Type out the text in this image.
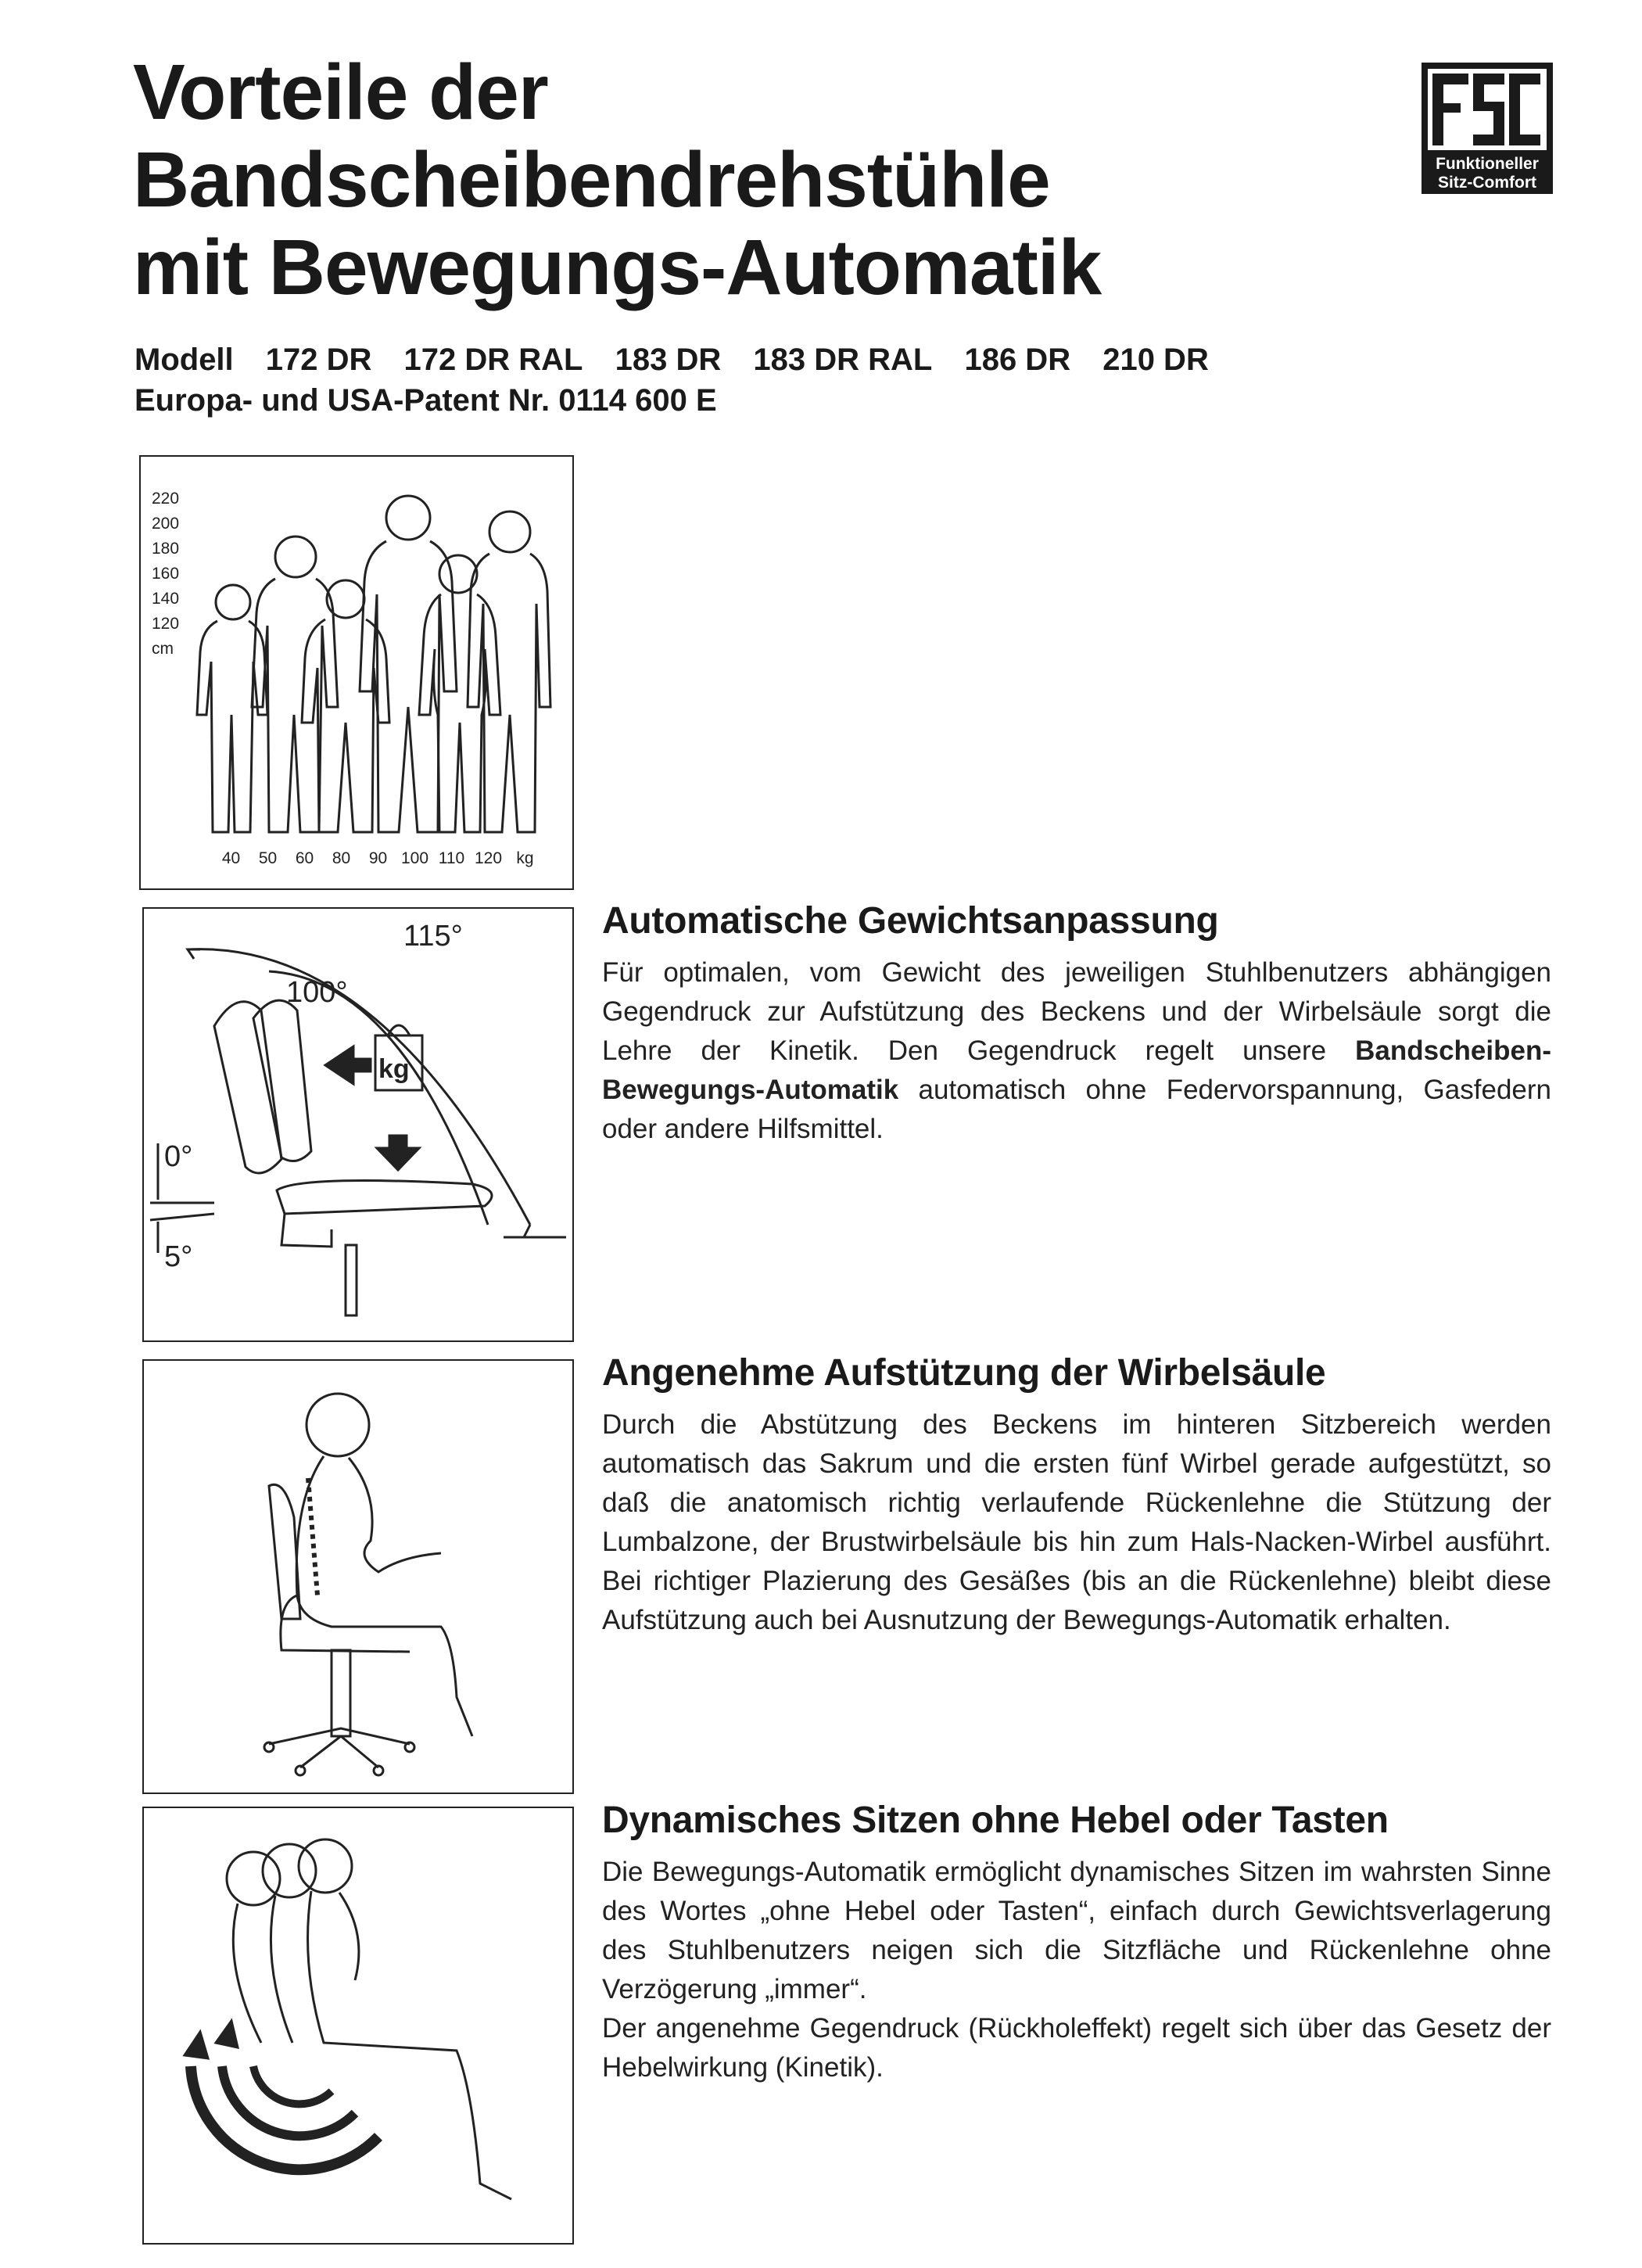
Vorteile der
Bandscheibendrehstühle
mit Bewegungs-Automatik
Funktioneller
Sitz-Comfort
Modell 172 DR 172 DR RAL 183 DR 183 DR RAL 186 DR 210 DR
Europa- und USA-Patent Nr. 0114 600 E
220
200
180
160
140
120
cm
40 50 60 80 90 100 110 120 kg
115°
100°
0°
5°
kg
Automatische Gewichtsanpassung

Für optimalen, vom Gewicht des jeweiligen Stuhlbenutzers abhängigen Gegendruck zur Aufstützung des Beckens und der Wirbelsäule sorgt die Lehre der Kinetik. Den Gegendruck regelt unsere Bandscheiben-Bewegungs-Automatik automatisch ohne Federvorspannung, Gasfedern oder andere Hilfsmittel.

Angenehme Aufstützung der Wirbelsäule

Durch die Abstützung des Beckens im hinteren Sitzbereich werden automatisch das Sakrum und die ersten fünf Wirbel gerade aufgestützt, so daß die anatomisch richtig verlaufende Rückenlehne die Stützung der Lumbalzone, der Brustwirbelsäule bis hin zum Hals-Nacken-Wirbel ausführt. Bei richtiger Plazierung des Gesäßes (bis an die Rückenlehne) bleibt diese Aufstützung auch bei Ausnutzung der Bewegungs-Automatik erhalten.

Dynamisches Sitzen ohne Hebel oder Tasten

Die Bewegungs-Automatik ermöglicht dynamisches Sitzen im wahrsten Sinne des Wortes „ohne Hebel oder Tasten“, einfach durch Gewichtsverlagerung des Stuhlbenutzers neigen sich die Sitzfläche und Rückenlehne ohne Verzögerung „immer“.

Der angenehme Gegendruck (Rückholeffekt) regelt sich über das Gesetz der Hebelwirkung (Kinetik).
